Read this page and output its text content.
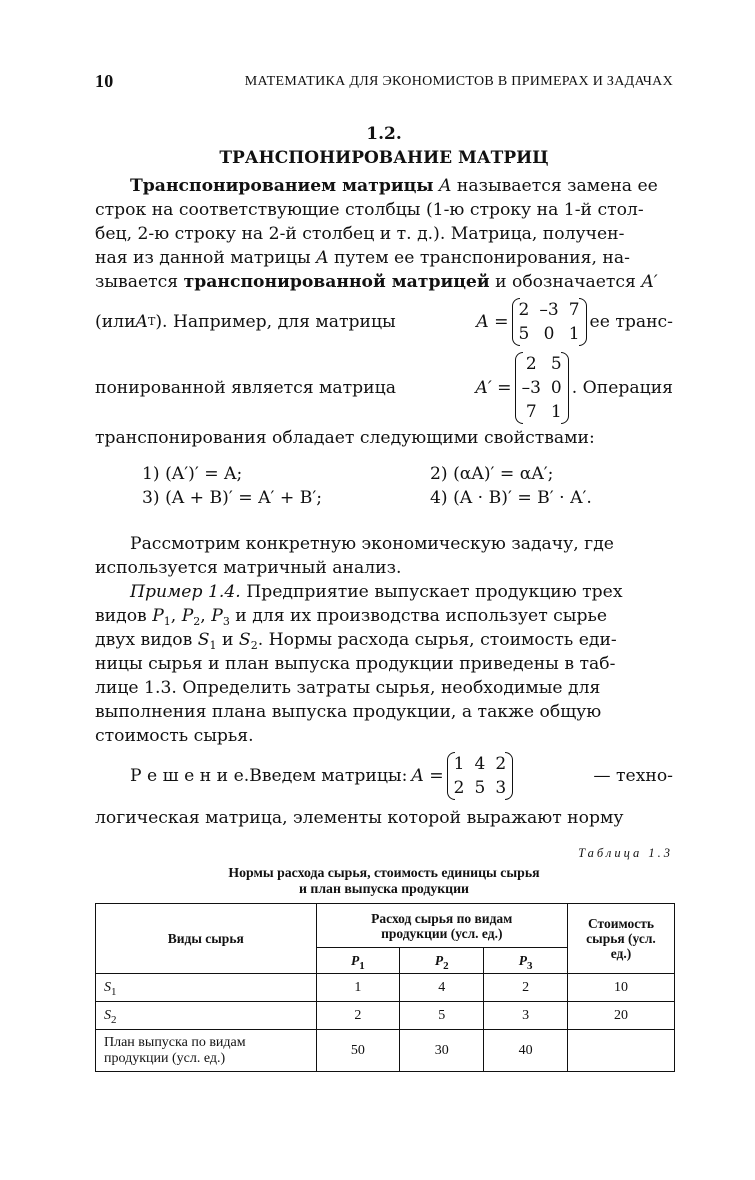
10	МАТЕМАТИКА ДЛЯ ЭКОНОМИСТОВ В ПРИМЕРАХ И ЗАДАЧАХ
1.2.
ТРАНСПОНИРОВАНИЕ МАТРИЦ

Транспонированием матрицы A называется замена ее

строк на соответствующие столбцы (1-ю строку на 1-й стол-

бец, 2-ю строку на 2-й столбец и т. д.). Матрица, получен-

ная из данной матрицы A путем ее транспонирования, на-

зывается транспонированной матрицей и обозначается A′

(или A T ). Например, для матрицы	A =
2	–3	7
5	0	1
ее транс-
понированной является матрица	A′ =
2	5
–3	0
7	1
. Операция

транспонирования обладает следующими свойствами:

1) (A′)′ = A;	2) (αA)′ = αA′;
3) (A + B)′ = A′ + B′;	4) (A · B)′ = B′ · A′.

Рассмотрим конкретную экономическую задачу, где

используется матричный анализ.

Пример 1.4. Предприятие выпускает продукцию трех

видов $P_1$, $P_2$, $P_3$ и для их производства использует сырье

двух видов $S_1$ и $S_2$. Нормы расхода сырья, стоимость еди-

ницы сырья и план выпуска продукции приведены в таб-

лице 1.3. Определить затраты сырья, необходимые для

выполнения плана выпуска продукции, а также общую

стоимость сырья.

Р е ш е н и е. Введем матрицы: A =
1	4	2
2	5	3
— техно-

логическая матрица, элементы которой выражают норму

Таблица 1.3
Нормы расхода сырья, стоимость единицы сырья
и план выпуска продукции
Виды сырья	Расход сырья по видам продукции (усл. ед.)			Стоимость сырья (усл. ед.)
	$P_1$	$P_2$	$P_3$
$S_1$	1	4	2	10
$S_2$	2	5	3	20
План выпуска по видам продукции (усл. ед.)	50	30	40	
